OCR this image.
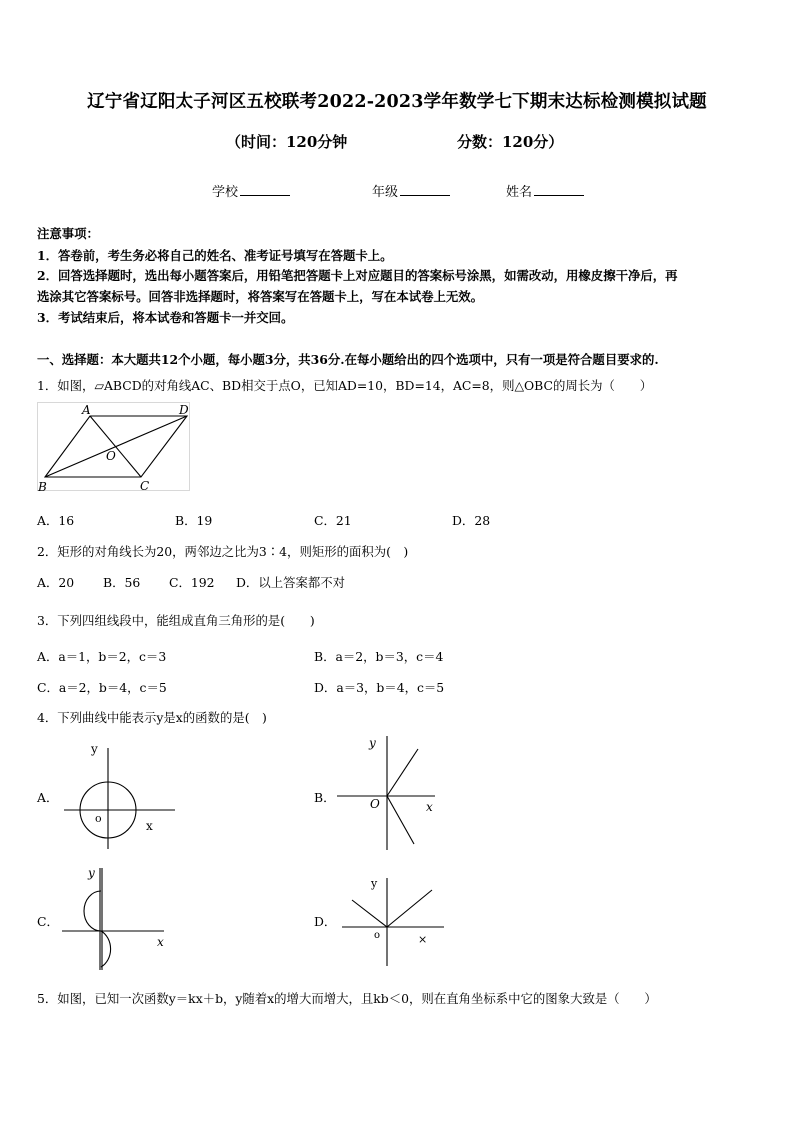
辽宁省辽阳太子河区五校联考2022-2023学年数学七下期末达标检测模拟试题
（时间：120分钟	分数：120分）
学校	年级	姓名
注意事项：
1．答卷前，考生务必将自己的姓名、准考证号填写在答题卡上。
2．回答选择题时，选出每小题答案后，用铅笔把答题卡上对应题目的答案标号涂黑，如需改动，用橡皮擦干净后，再
选涂其它答案标号。回答非选择题时，将答案写在答题卡上，写在本试卷上无效。
3．考试结束后，将本试卷和答题卡一并交回。
一、选择题：本大题共12个小题，每小题3分，共36分.在每小题给出的四个选项中，只有一项是符合题目要求的.
1．如图，▱ABCD的对角线AC、BD相交于点O，已知AD=10，BD=14，AC=8，则△OBC的周长为（　　）
A	D
B	C
O
A．16	B．19	C．21	D．28
2．矩形的对角线长为20，两邻边之比为3∶4，则矩形的面积为(　)
A．20 B．56 C．192 D．以上答案都不对
3．下列四组线段中，能组成直角三角形的是(　　)
A．a＝1，b＝2，c＝3	B．a＝2，b＝3，c＝4
C．a＝2，b＝4，c＝5	D．a＝3，b＝4，c＝5
4．下列曲线中能表示y是x的函数的是(　)
A．
y
x
o
B．
y
x
O
C．
y
x
D．
y
×
o
5．如图，已知一次函数y＝kx＋b，y随着x的增大而增大，且kb＜0，则在直角坐标系中它的图象大致是（　　）
